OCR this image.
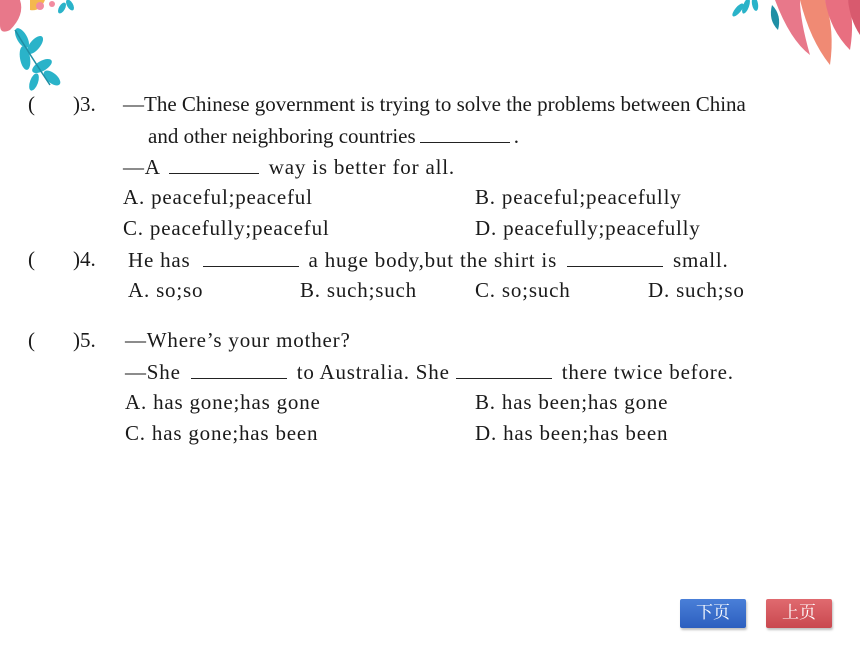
( )3. —The Chinese government is trying to solve the problems between China
and other neighboring countries	.
—A	way is better for all.
A. peaceful;peaceful	B. peaceful;peacefully
C. peacefully;peaceful	D. peacefully;peacefully
( )4. He has	a huge body,but the shirt is	small.
A. so;so	B. such;such	C. so;such	D. such;so
( )5. —Where’s your mother?
—She	to Australia. She	there twice before.
A. has gone;has gone	B. has been;has gone
C. has gone;has been	D. has been;has been
下页	上页
